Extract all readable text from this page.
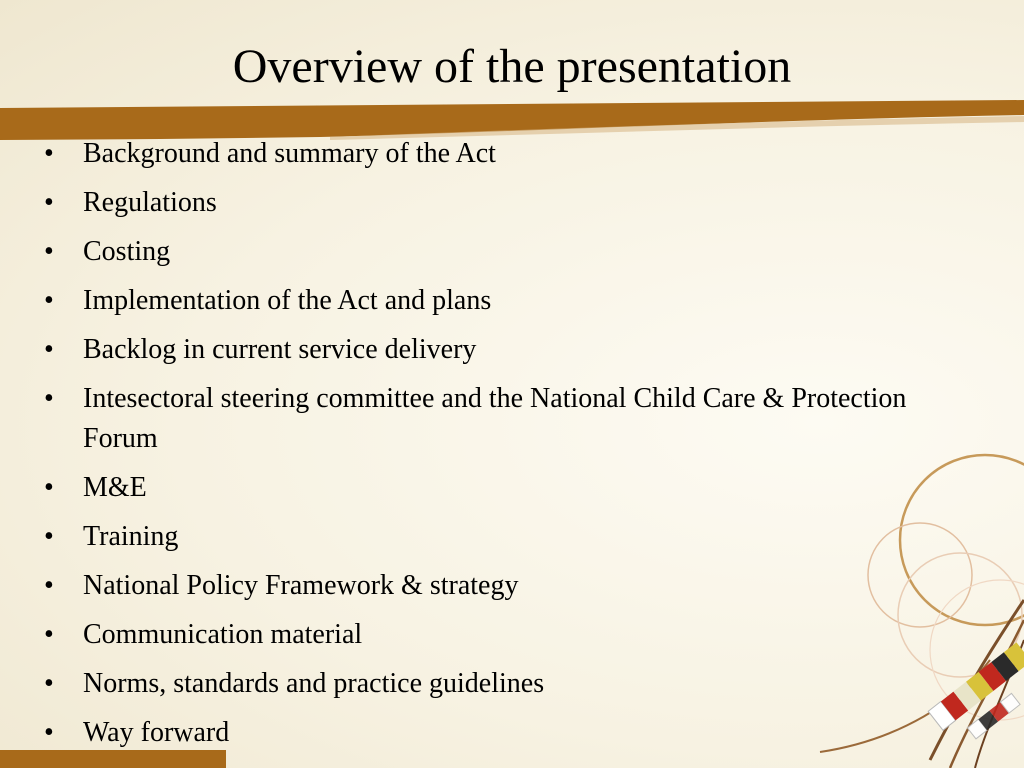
Overview of the presentation
• Background and summary of the Act
• Regulations
• Costing
• Implementation of the Act and plans
• Backlog in current service delivery
• Intesectoral steering committee and the National Child Care & Protection Forum
• M&E
• Training
• National Policy Framework & strategy
• Communication material
• Norms, standards and practice guidelines
• Way forward
